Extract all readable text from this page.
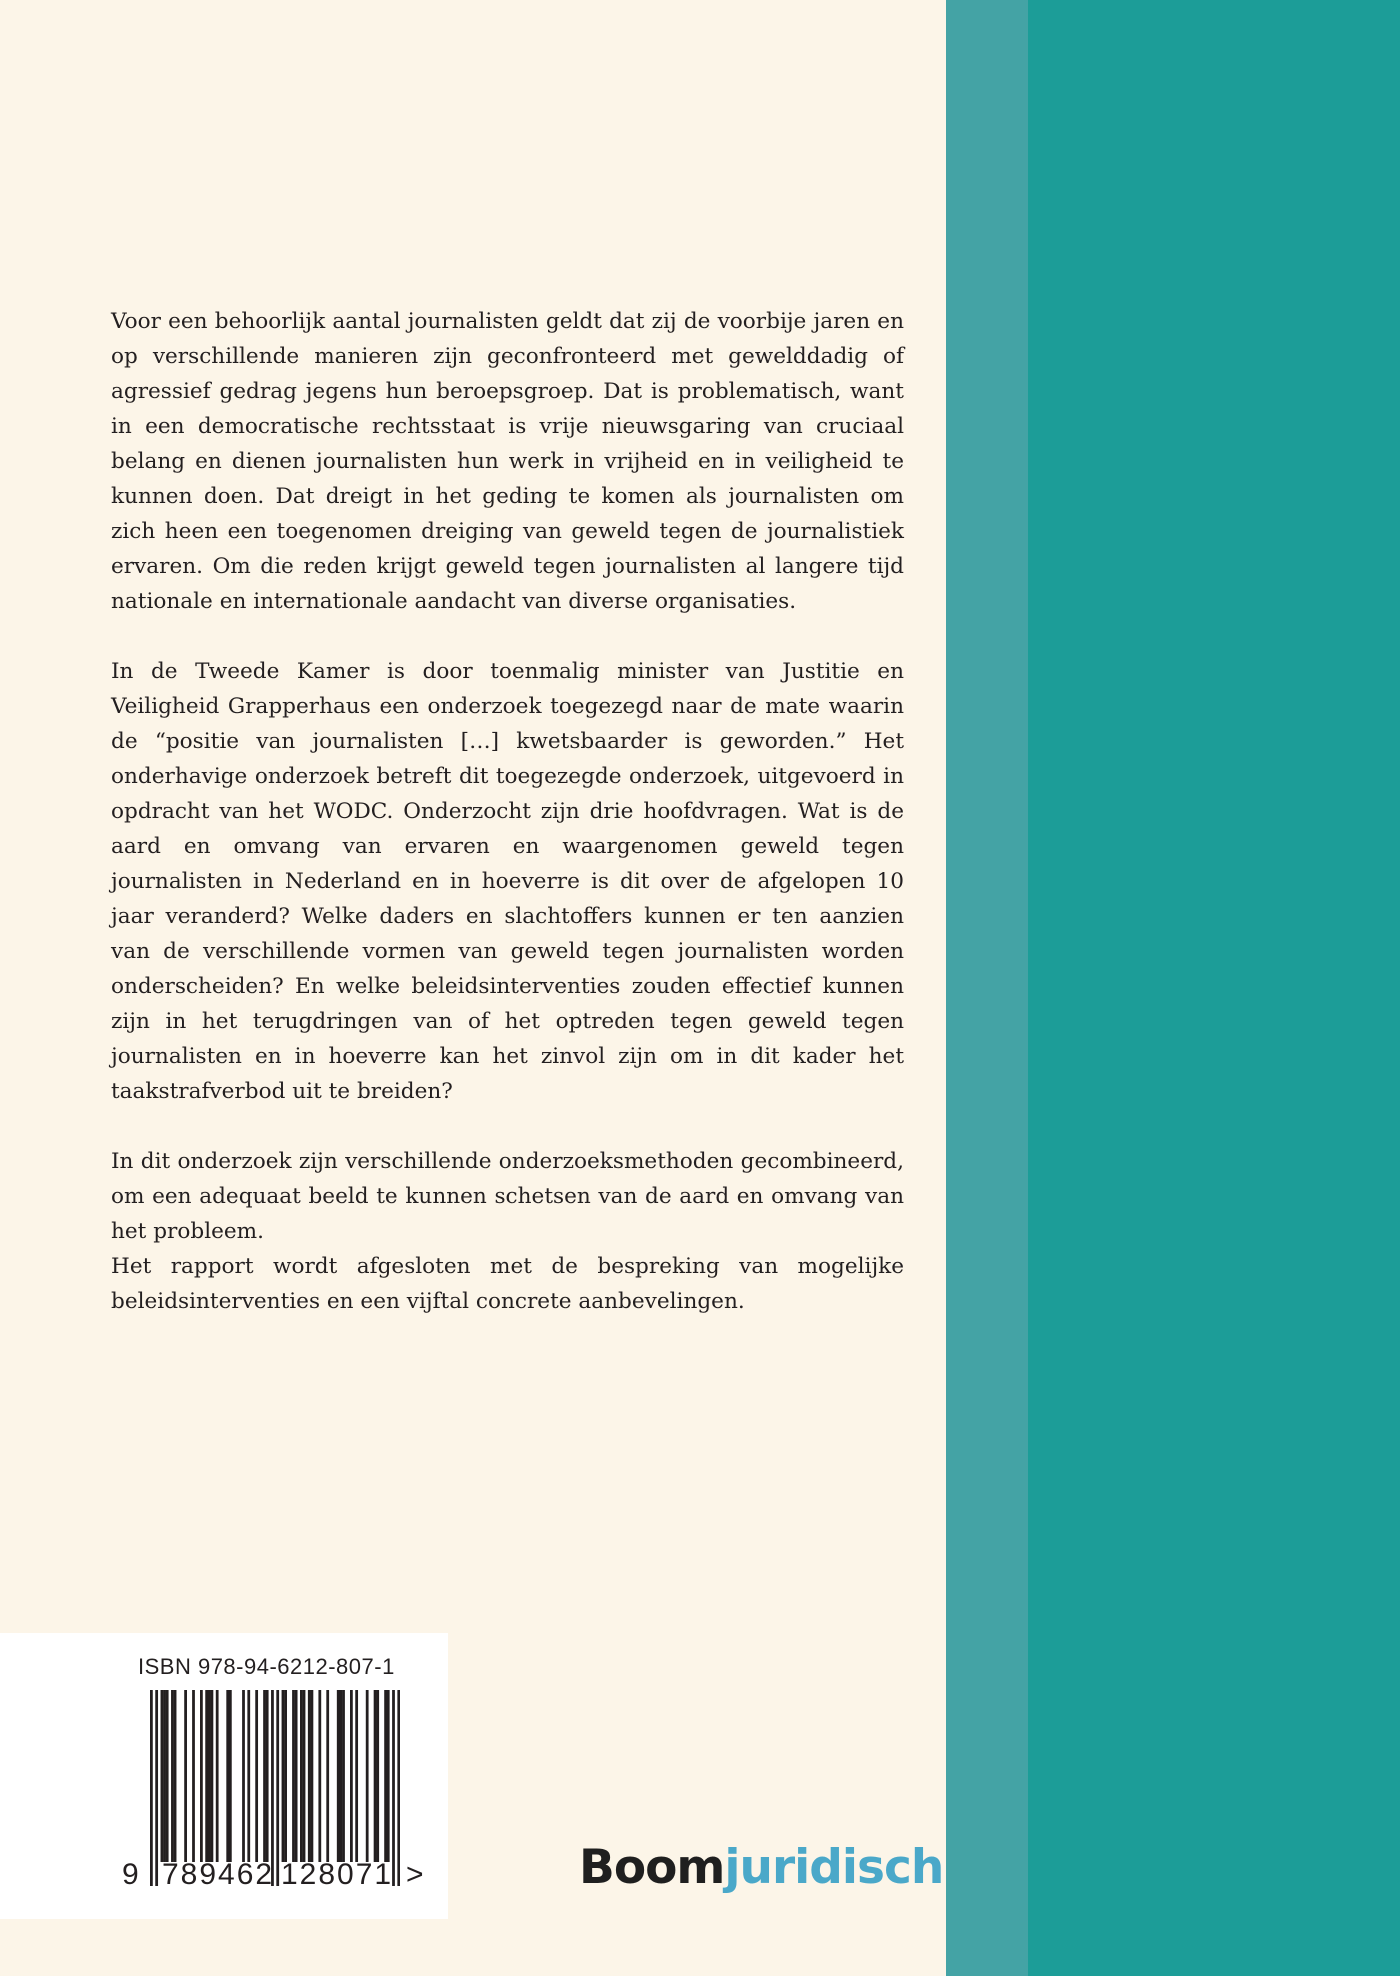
Voor een behoorlijk aantal journalisten geldt dat zij de voorbije jaren en op verschillende manieren zijn geconfronteerd met gewelddadig of agressief gedrag jegens hun beroepsgroep. Dat is problematisch, want in een democratische rechtsstaat is vrije nieuwsgaring van cruciaal belang en dienen journalisten hun werk in vrijheid en in veiligheid te kunnen doen. Dat dreigt in het geding te komen als journalisten om zich heen een toegenomen dreiging van geweld tegen de journalistiek ervaren. Om die reden krijgt geweld tegen journalisten al langere tijd nationale en internationale aandacht van diverse organisaties.

In de Tweede Kamer is door toenmalig minister van Justitie en Veiligheid Grapperhaus een onderzoek toegezegd naar de mate waarin de “positie van journalisten […] kwetsbaarder is geworden.” Het onderhavige onderzoek betreft dit toegezegde onderzoek, uitgevoerd in opdracht van het WODC. Onderzocht zijn drie hoofdvragen. Wat is de aard en omvang van ervaren en waargenomen geweld tegen journalisten in Nederland en in hoeverre is dit over de afgelopen 10 jaar veranderd? Welke daders en slachtoffers kunnen er ten aanzien van de verschillende vormen van geweld tegen journalisten worden onderscheiden? En welke beleidsinterventies zouden effectief kunnen zijn in het terugdringen van of het optreden tegen geweld tegen journalisten en in hoeverre kan het zinvol zijn om in dit kader het taakstrafverbod uit te breiden?

In dit onderzoek zijn verschillende onderzoeksmethoden gecombineerd, om een adequaat beeld te kunnen schetsen van de aard en omvang van het probleem.

Het rapport wordt afgesloten met de bespreking van mogelijke beleidsinterventies en een vijftal concrete aanbevelingen.

ISBN 978-94-6212-807-1
9 789462 128071 >	Boomjuridisch
